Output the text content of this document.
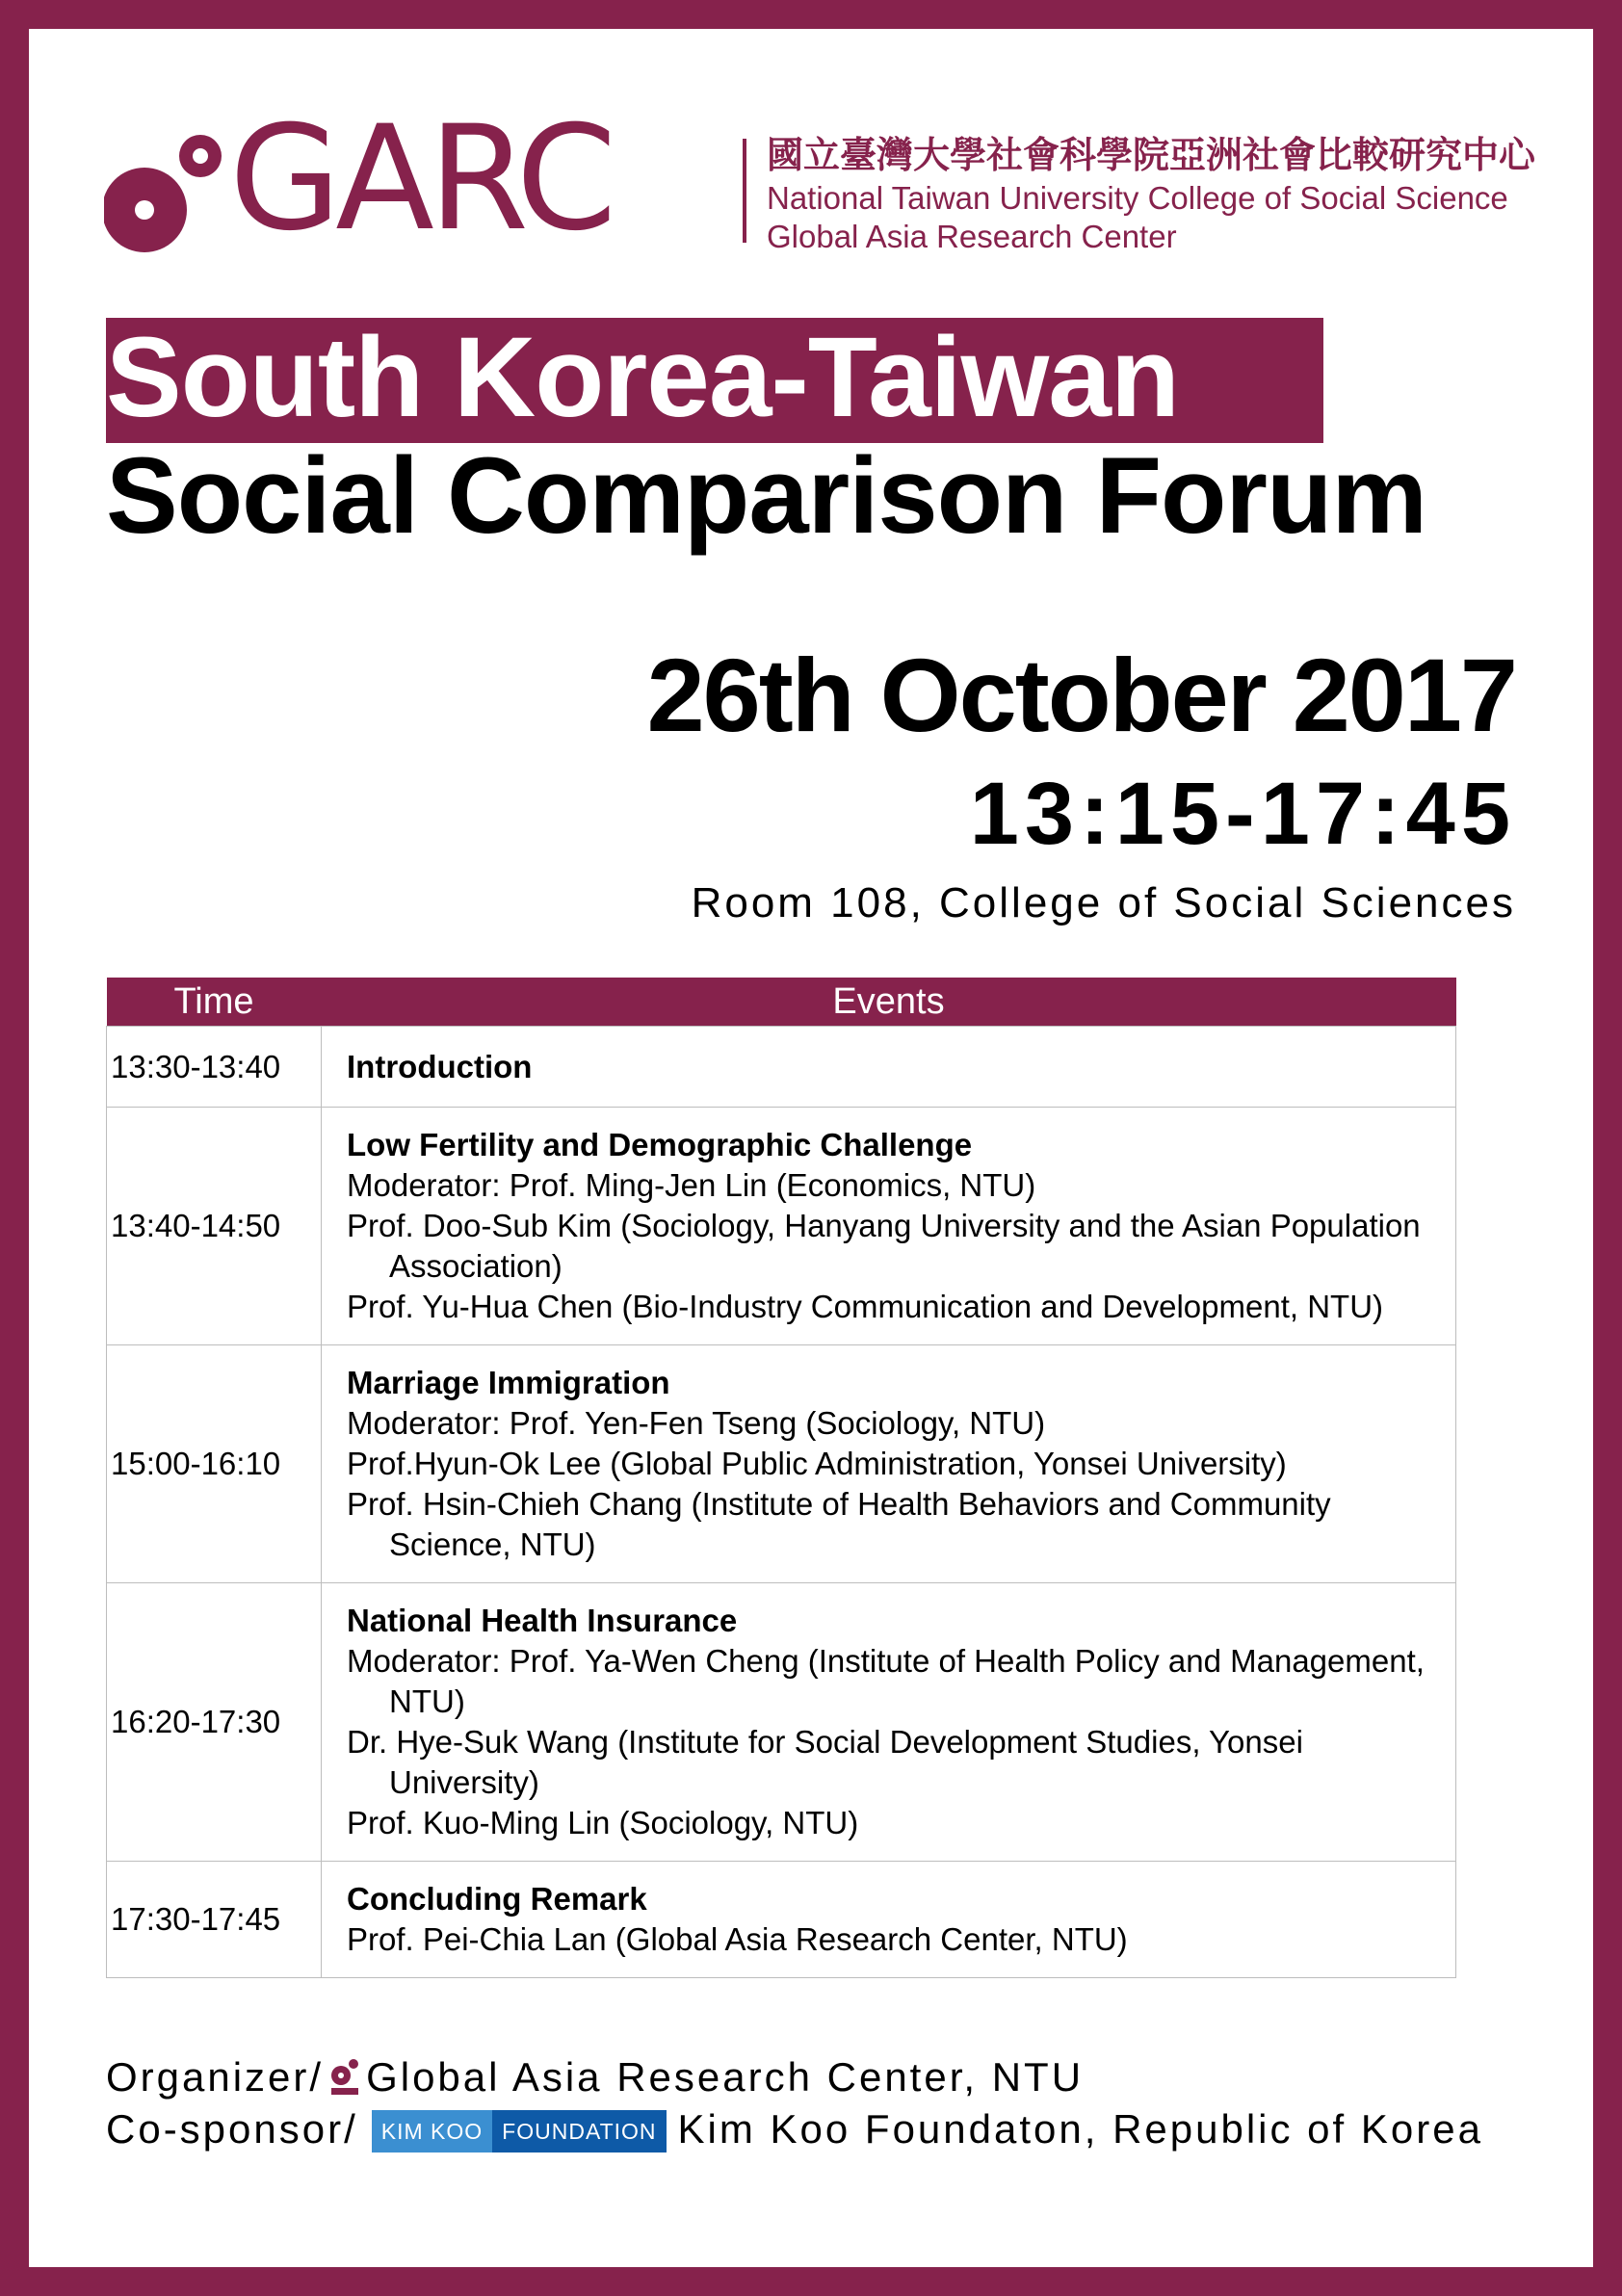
GARC	國立臺灣大學社會科學院亞洲社會比較研究中心
National Taiwan University College of Social Science
Global Asia Research Center
South Korea-Taiwan
Social Comparison Forum
26th October 2017
13:15-17:45
Room 108, College of Social Sciences
Time	Events
13:30-13:40	Introduction

13:40-14:50	Low Fertility and Demographic Challenge
Moderator: Prof. Ming-Jen Lin (Economics, NTU)
Prof. Doo-Sub Kim (Sociology, Hanyang University and the Asian Population Association)
Prof. Yu-Hua Chen (Bio-Industry Communication and Development, NTU)

15:00-16:10	Marriage Immigration
Moderator: Prof. Yen-Fen Tseng (Sociology, NTU)
Prof.Hyun-Ok Lee (Global Public Administration, Yonsei University)
Prof. Hsin-Chieh Chang (Institute of Health Behaviors and Community Science, NTU)

16:20-17:30	National Health Insurance
Moderator: Prof. Ya-Wen Cheng (Institute of Health Policy and Management, NTU)
Dr. Hye-Suk Wang (Institute for Social Development Studies, Yonsei University)
Prof. Kuo-Ming Lin (Sociology, NTU)

17:30-17:45	Concluding Remark
Prof. Pei-Chia Lan (Global Asia Research Center, NTU)
Organizer/ Global Asia Research Center, NTU
Co-sponsor/ KIM KOO FOUNDATION Kim Koo Foundaton, Republic of Korea
